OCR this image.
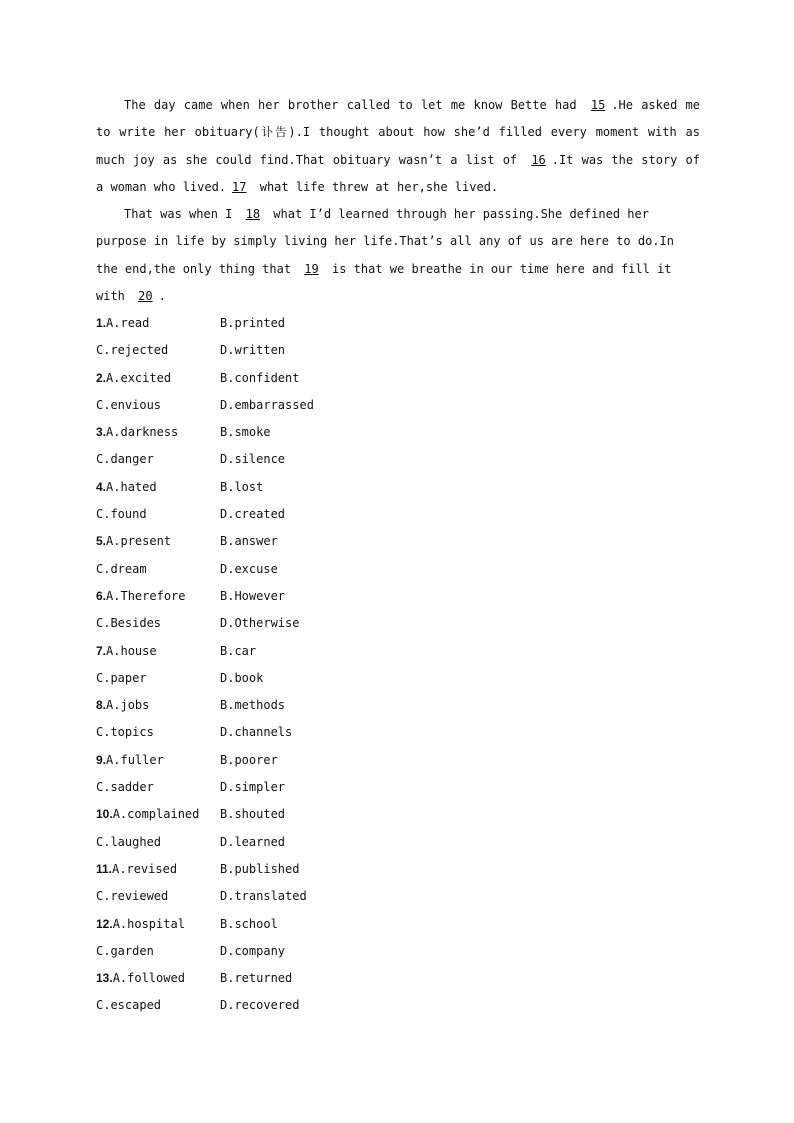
The day came when her brother called to let me know Bette had 15 .He asked me to write her obituary(讣告).I thought about how she’d filled every moment with as much joy as she could find.That obituary wasn’t a list of 16 .It was the story of a woman who lived. 17 what life threw at her,she lived.

That was when I 18 what I’d learned through her passing.She defined her purpose in life by simply living her life.That’s all any of us are here to do.In the end,the only thing that 19 is that we breathe in our time here and fill it with 20 .

1.A.read	B.printed
C.rejected	D.written
2.A.excited	B.confident
C.envious	D.embarrassed
3.A.darkness	B.smoke
C.danger	D.silence
4.A.hated	B.lost
C.found	D.created
5.A.present	B.answer
C.dream	D.excuse
6.A.Therefore	B.However
C.Besides	D.Otherwise
7.A.house	B.car
C.paper	D.book
8.A.jobs	B.methods
C.topics	D.channels
9.A.fuller	B.poorer
C.sadder	D.simpler
10.A.complained B.shouted
C.laughed	D.learned
11.A.revised	B.published
C.reviewed	D.translated
12.A.hospital	B.school
C.garden	D.company
13.A.followed	B.returned
C.escaped	D.recovered
